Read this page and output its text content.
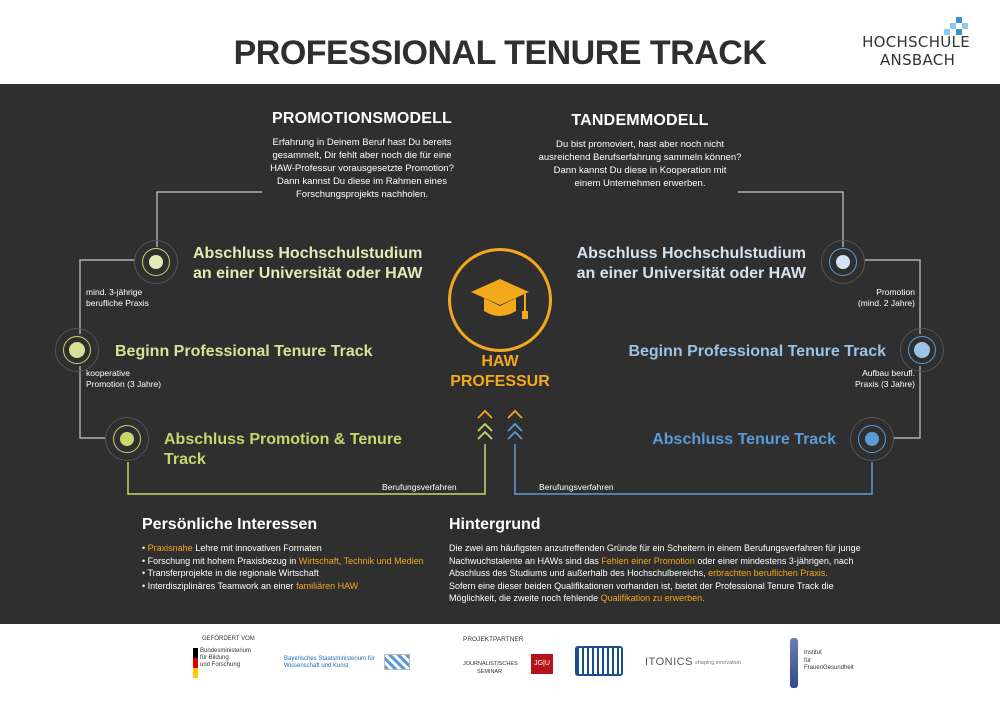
PROFESSIONAL TENURE TRACK	HOCHSCHULE
ANSBACH
PROMOTIONSMODELL
Erfahrung in Deinem Beruf hast Du bereits
gesammelt, Dir fehlt aber noch die für eine
HAW-Professur vorausgesetzte Promotion?
Dann kannst Du diese im Rahmen eines
Forschungsprojekts nachholen.
TANDEMMODELL
Du bist promoviert, hast aber noch nicht
ausreichend Berufserfahrung sammeln können?
Dann kannst Du diese in Kooperation mit
einem Unternehmen erwerben.
Abschluss Hochschulstudium
an einer Universität oder HAW
Beginn Professional Tenure Track
Abschluss Promotion & Tenure Track
Abschluss Hochschulstudium
an einer Universität oder HAW
Beginn Professional Tenure Track
Abschluss Tenure Track
mind. 3-jährige
berufliche Praxis
kooperative
Promotion (3 Jahre)
Promotion
(mind. 2 Jahre)
Aufbau berufl.
Praxis (3 Jahre)
HAW
PROFESSUR
Berufungsverfahren	Berufungsverfahren
Persönliche Interessen
• Praxisnahe Lehre mit innovativen Formaten
• Forschung mit hohem Praxisbezug in Wirtschaft, Technik und Medien
• Transferprojekte in die regionale Wirtschaft
• Interdisziplinäres Teamwork an einer familiären HAW
Hintergrund
Die zwei am häufigsten anzutreffenden Gründe für ein Scheitern in einem Berufungsverfahren für junge
Nachwuchstalente an HAWs sind das Fehlen einer Promotion oder einer mindestens 3-jährigen, nach
Abschluss des Studiums und außerhalb des Hochschulbereichs, erbrachten beruflichen Praxis.
Sofern eine dieser beiden Qualifikationen vorhanden ist, bietet der Professional Tenure Track die
Möglichkeit, die zweite noch fehlende Qualifikation zu erwerben.
GEFÖRDERT VOM
Bundesministerium
für Bildung
und Forschung
Bayerisches Staatsministerium für
Wissenschaft und Kunst
PROJEKTPARTNER
JOURNALISTISCHES
SEMINAR
JG|U	ITONICS shaping innovation
Institut
für
FrauenGesundheit
